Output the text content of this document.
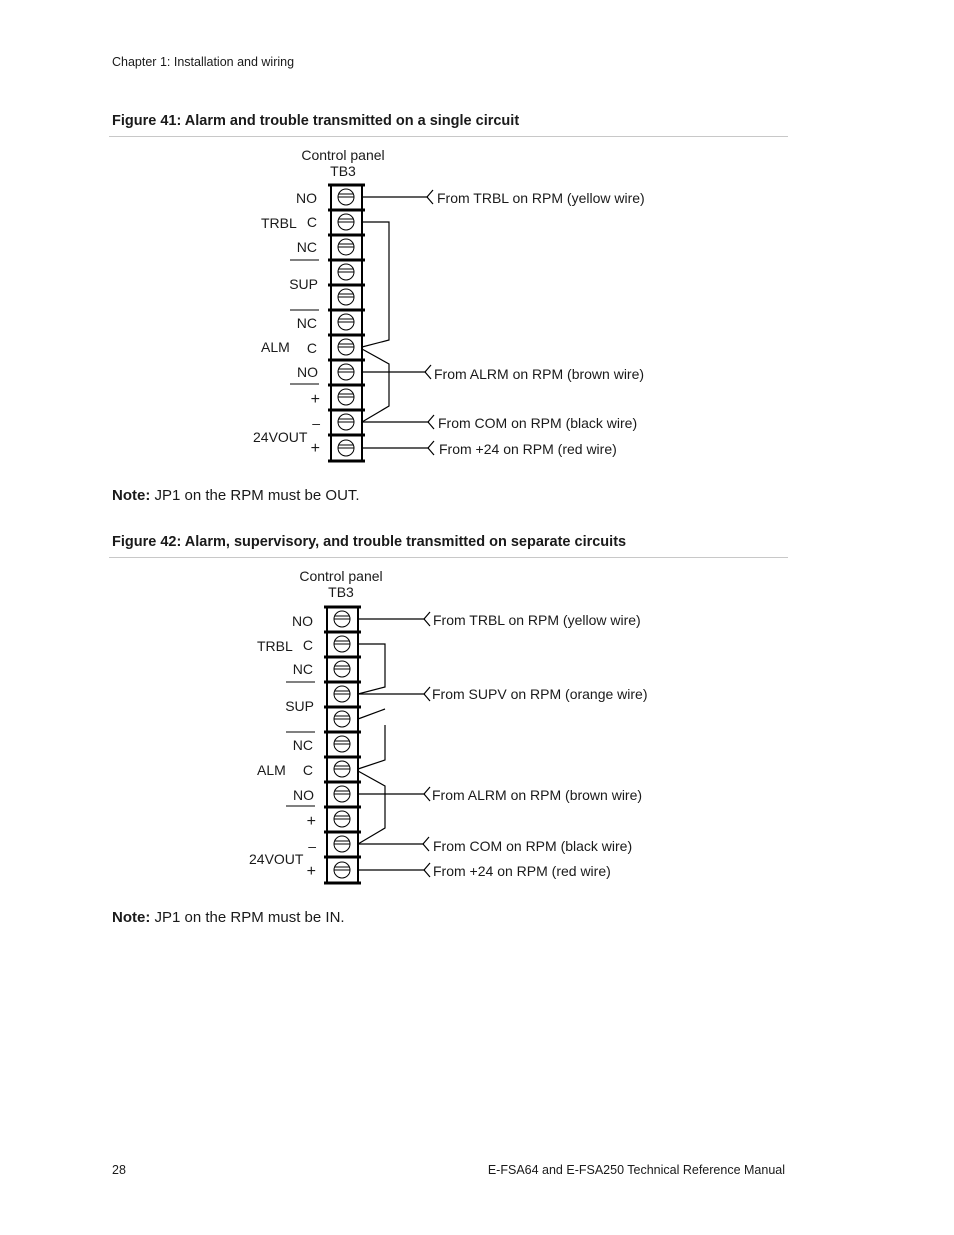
Chapter 1: Installation and wiring
Figure 41: Alarm and trouble transmitted on a single circuit
Control panel
TB3
NO
C
NC
SUP
NC
C
NO
+
–
+
TRBL
ALM
24VOUT
From TRBL on RPM (yellow wire)
From ALRM on RPM (brown wire)
From COM on RPM (black wire)
From +24 on RPM (red wire)
Control panel
TB3
NO
C
NC
SUP
NC
C
NO
+
–
+
TRBL
ALM
24VOUT
From TRBL on RPM (yellow wire)
From SUPV on RPM (orange wire)
From ALRM on RPM (brown wire)
From COM on RPM (black wire)
From +24 on RPM (red wire)
Note: JP1 on the RPM must be OUT.
Figure 42: Alarm, supervisory, and trouble transmitted on separate circuits
Note: JP1 on the RPM must be IN.
28	E-FSA64 and E-FSA250 Technical Reference Manual
